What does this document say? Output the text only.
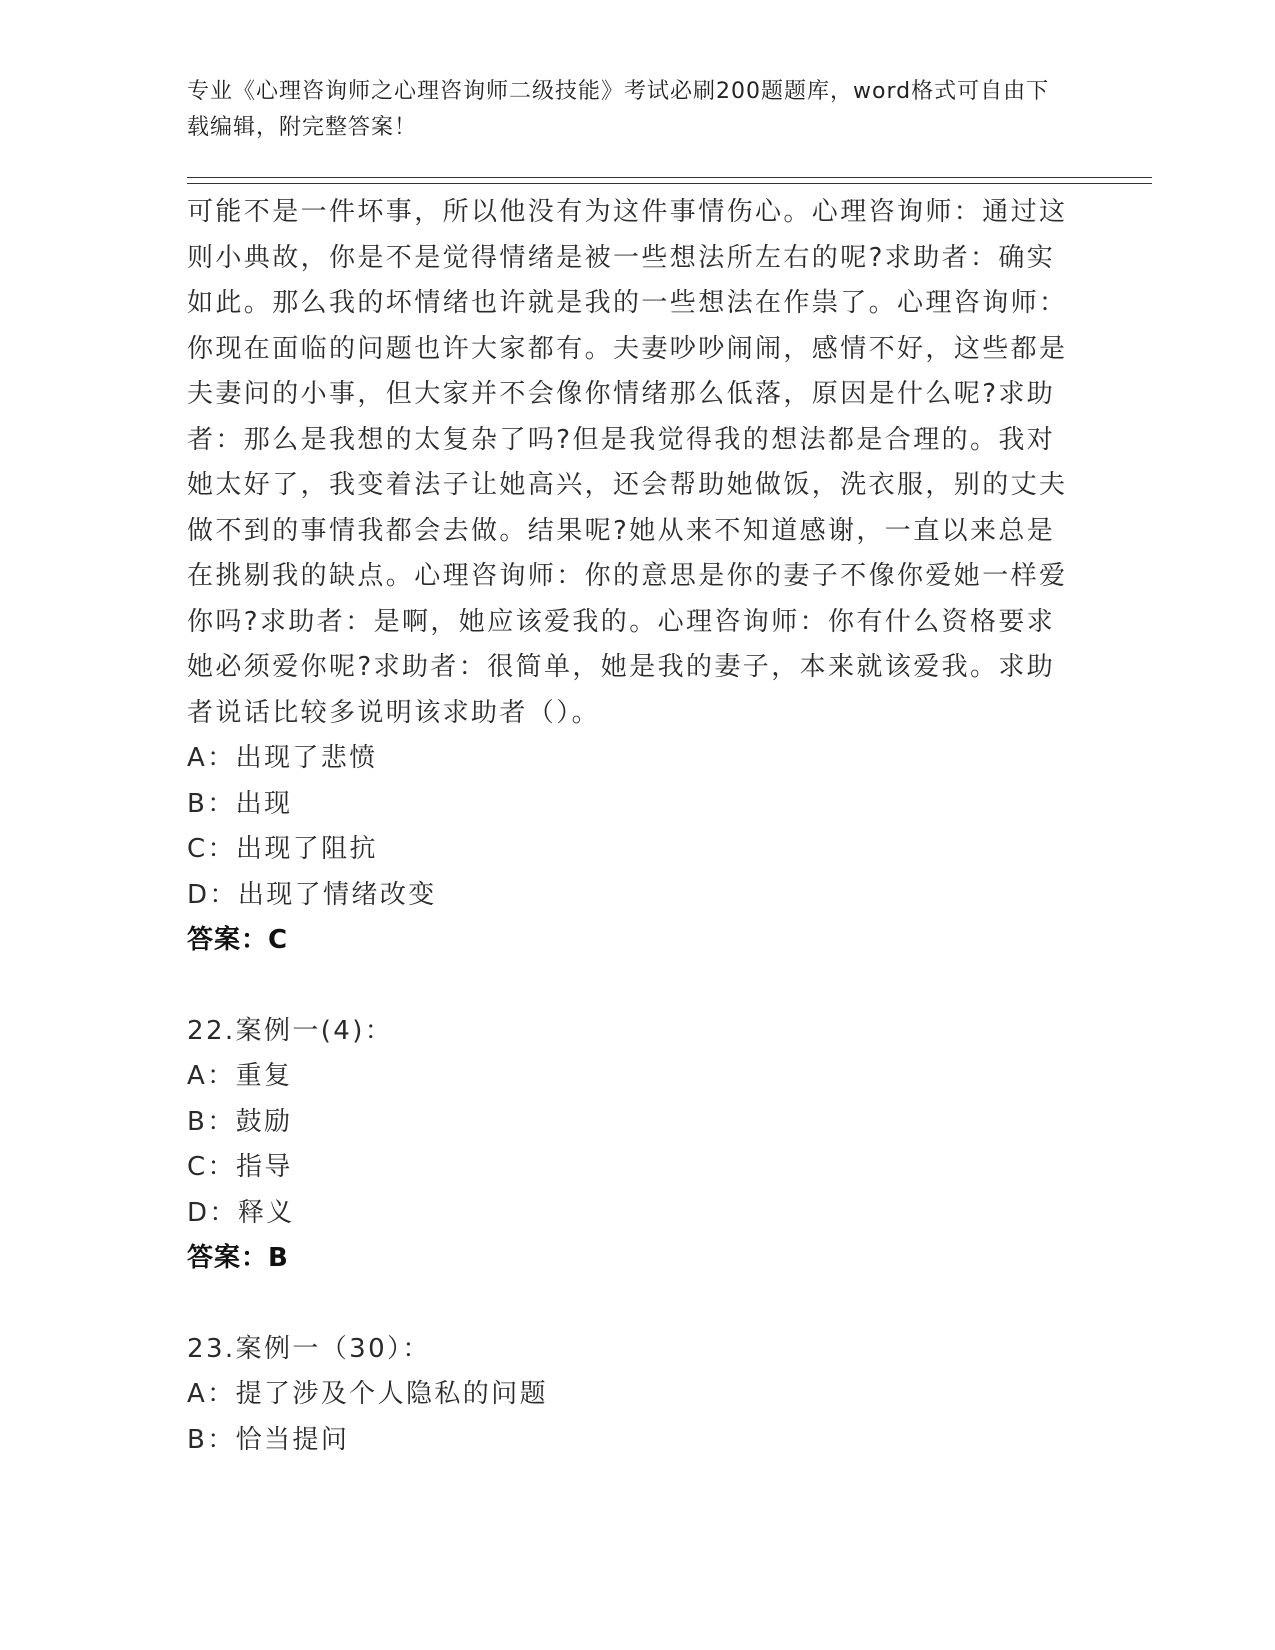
专业《心理咨询师之心理咨询师二级技能》考试必刷200题题库，word格式可自由下载编辑，附完整答案！
可能不是一件坏事，所以他没有为这件事情伤心。心理咨询师：通过这则小典故，你是不是觉得情绪是被一些想法所左右的呢?求助者：确实如此。那么我的坏情绪也许就是我的一些想法在作祟了。心理咨询师：你现在面临的问题也许大家都有。夫妻吵吵闹闹，感情不好，这些都是夫妻问的小事，但大家并不会像你情绪那么低落，原因是什么呢?求助者：那么是我想的太复杂了吗?但是我觉得我的想法都是合理的。我对她太好了，我变着法子让她高兴，还会帮助她做饭，洗衣服，别的丈夫做不到的事情我都会去做。结果呢?她从来不知道感谢，一直以来总是在挑剔我的缺点。心理咨询师：你的意思是你的妻子不像你爱她一样爱你吗?求助者：是啊，她应该爱我的。心理咨询师：你有什么资格要求她必须爱你呢?求助者：很简单，她是我的妻子，本来就该爱我。求助者说话比较多说明该求助者（）。
A：出现了悲愤
B：出现
C：出现了阻抗
D：出现了情绪改变
答案：C
22.案例一(4)：
A：重复
B：鼓励
C：指导
D：释义
答案：B
23.案例一（30）：
A：提了涉及个人隐私的问题
B：恰当提问
